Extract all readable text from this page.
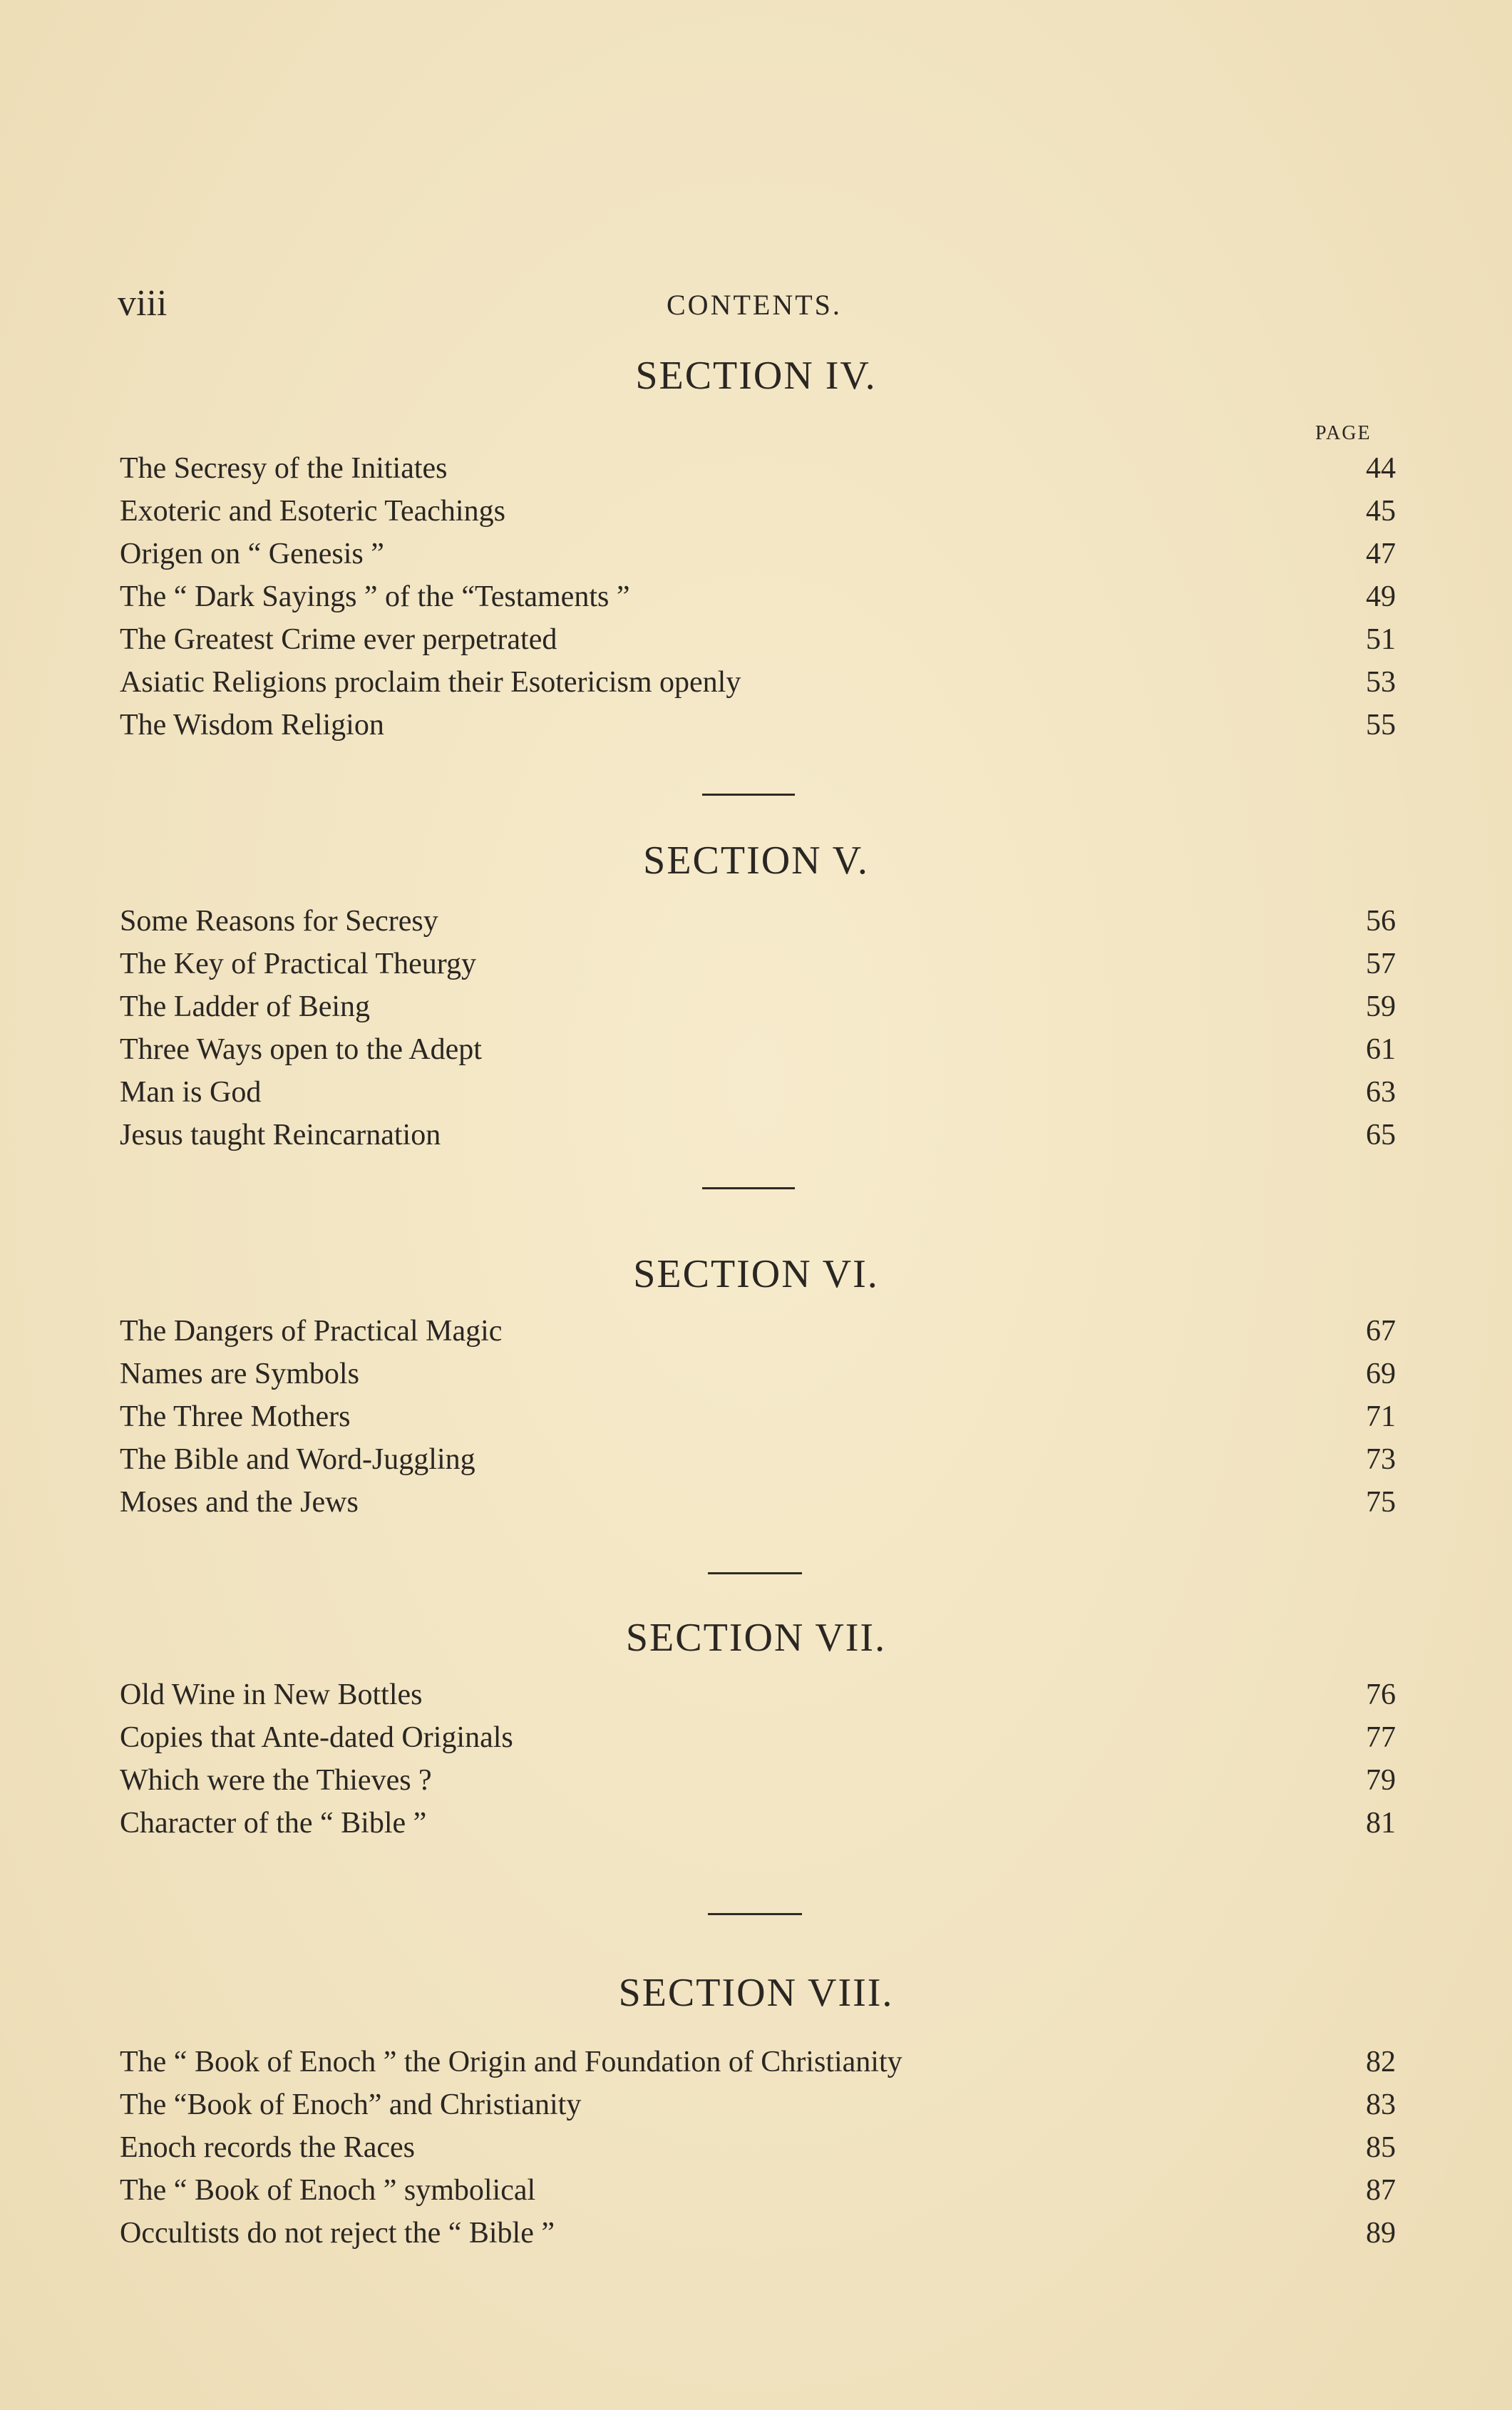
viii	CONTENTS.
PAGE
SECTION IV.
The Secresy of the Initiates	44
Exoteric and Esoteric Teachings	45
Origen on “ Genesis ”	47
The “ Dark Sayings ” of the “Testaments ”	49
The Greatest Crime ever perpetrated	51
Asiatic Religions proclaim their Esotericism openly	53
The Wisdom Religion	55
SECTION V.
Some Reasons for Secresy	56
The Key of Practical Theurgy	57
The Ladder of Being	59
Three Ways open to the Adept	61
Man is God	63
Jesus taught Reincarnation	65
SECTION VI.
The Dangers of Practical Magic	67
Names are Symbols	69
The Three Mothers	71
The Bible and Word-Juggling	73
Moses and the Jews	75
SECTION VII.
Old Wine in New Bottles	76
Copies that Ante-dated Originals	77
Which were the Thieves ?	79
Character of the “ Bible ”	81
SECTION VIII.
The “ Book of Enoch ” the Origin and Foundation of Christianity	82
The “Book of Enoch” and Christianity	83
Enoch records the Races	85
The “ Book of Enoch ” symbolical	87
Occultists do not reject the “ Bible ”	89
